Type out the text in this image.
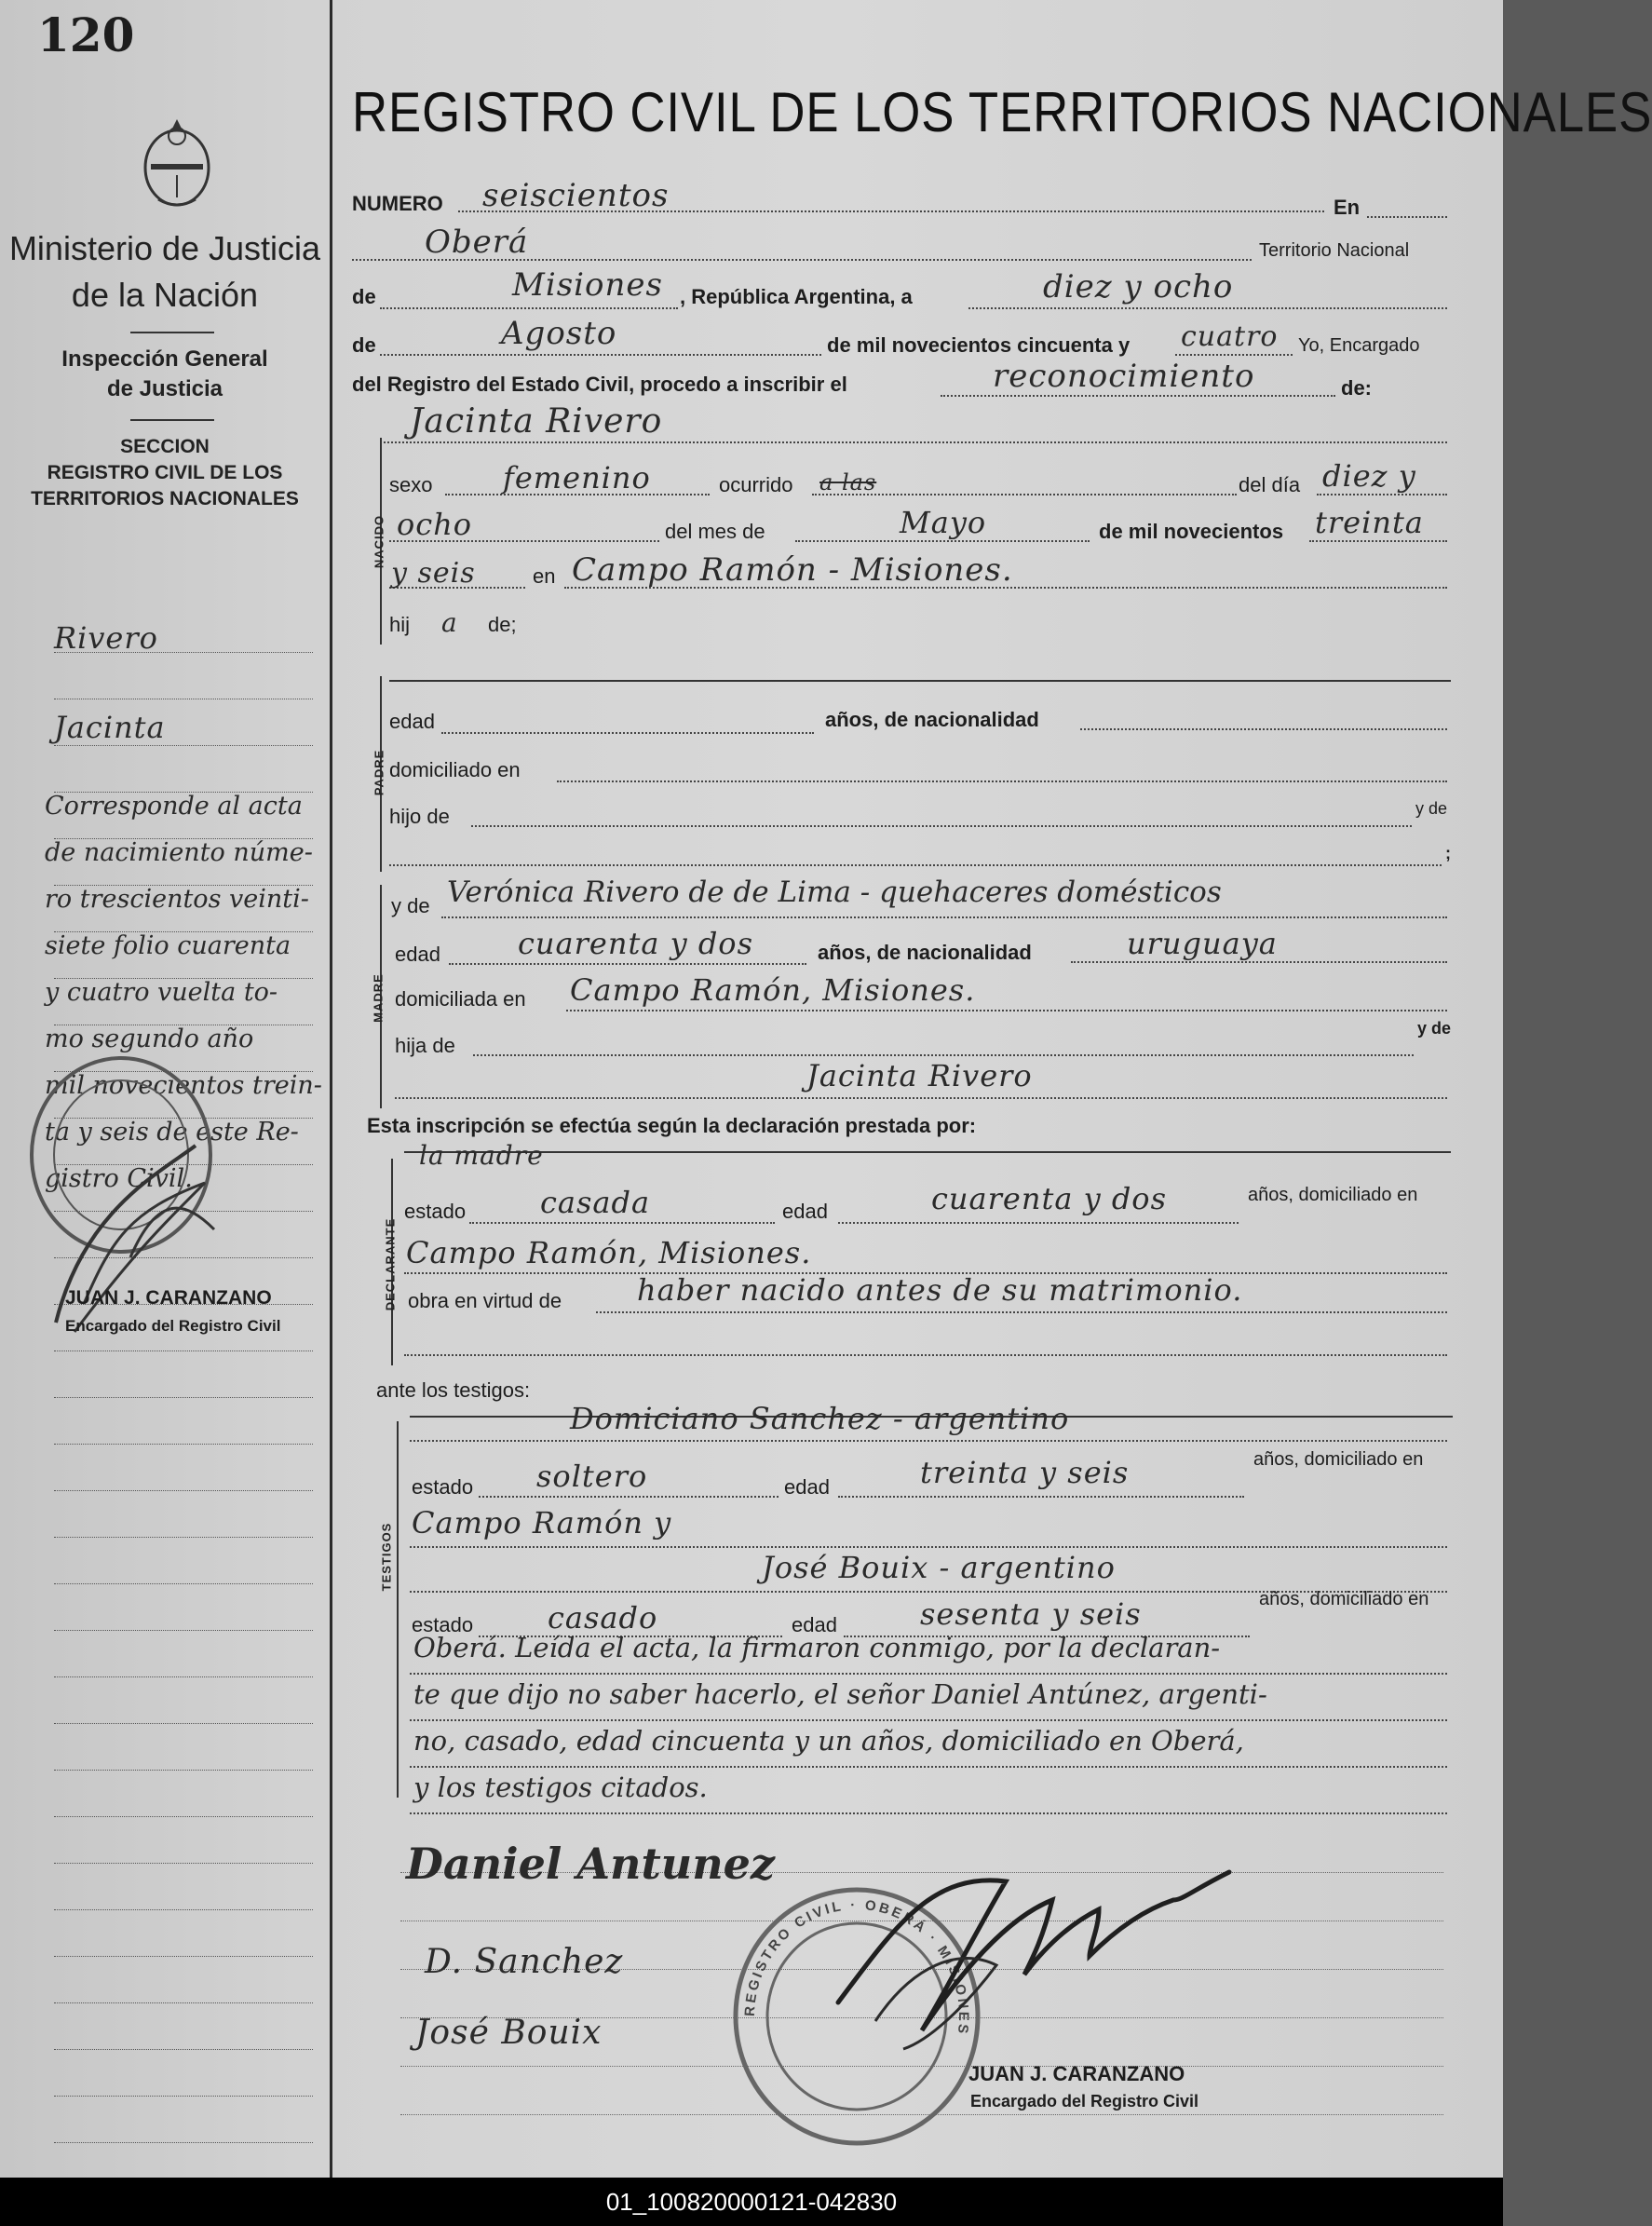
120
Ministerio de Justicia
de la Nación
Inspección General
de Justicia
SECCION
REGISTRO CIVIL DE LOS
TERRITORIOS NACIONALES
Rivero
Jacinta
Corresponde al acta
de nacimiento núme-
ro trescientos veinti-
siete folio cuarenta
y cuatro vuelta to-
mo segundo año
mil novecientos trein-
ta y seis de este Re-
gistro Civil.
JUAN J. CARANZANO
Encargado del Registro Civil
REGISTRO CIVIL DE LOS TERRITORIOS NACIONALES
NUMERO seiscientos	En
Oberá	Territorio Nacional
de	Misiones , República Argentina, a	diez y ocho
de	Agosto	de mil novecientos cincuenta y cuatro Yo, Encargado
del Registro del Estado Civil, procedo a inscribir el	reconocimiento	de:
Jacinta Rivero
NACIDO
sexo femenino	ocurrido a las	del día diez y
ocho	del mes de	Mayo	de mil novecientos treinta
y seis	en Campo Ramón - Misiones.
hij a de;
PADRE
edad	años, de nacionalidad
domiciliado en
hijo de	y de
;
MADRE
y de Verónica Rivero de de Lima - quehaceres domésticos
edad	cuarenta y dos	años, de nacionalidad	uruguaya
domiciliada en Campo Ramón, Misiones.
hija de
y de
Jacinta Rivero
Esta inscripción se efectúa según la declaración prestada por:
la madre
DECLARANTE
estado casada	edad	cuarenta y dos	años, domiciliado en
Campo Ramón, Misiones.
obra en virtud de	haber nacido antes de su matrimonio.
ante los testigos:
TESTIGOS
Domiciano Sanchez - argentino
estado soltero	edad	treinta y seis	años, domiciliado en
Campo Ramón y
José Bouix - argentino
estado casado	edad	sesenta y seis	años, domiciliado en
Oberá. Leída el acta, la firmaron conmigo, por la declaran-
te que dijo no saber hacerlo, el señor Daniel Antúnez, argenti-
no, casado, edad cincuenta y un años, domiciliado en Oberá,
y los testigos citados.
Daniel Antunez
D. Sanchez
José Bouix
REGISTRO CIVIL · OBERÁ · MISIONES
JUAN J. CARANZANO
Encargado del Registro Civil
01_100820000121-042830
